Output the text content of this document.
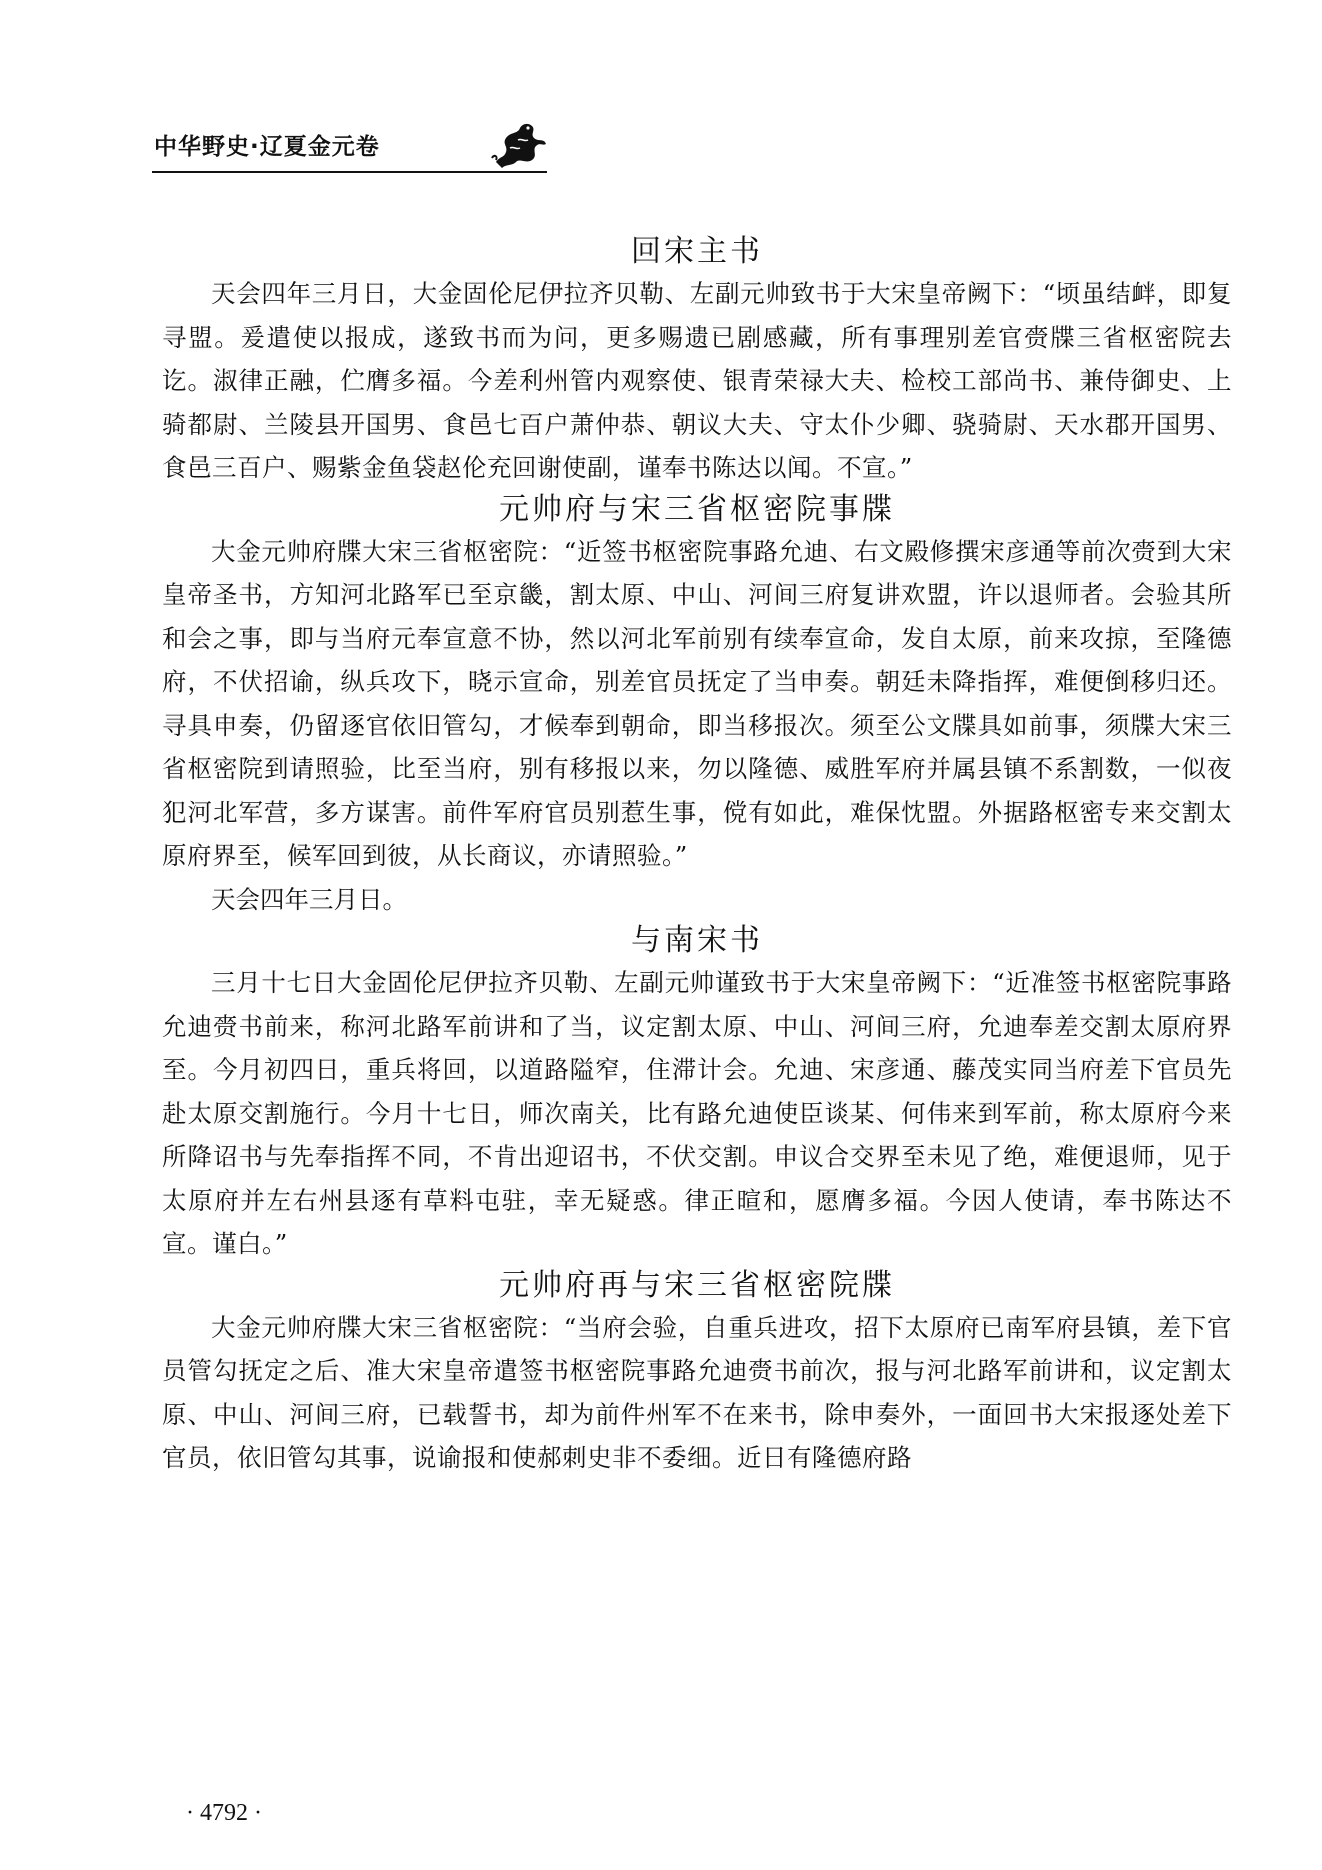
中华野史·辽夏金元卷
回宋主书

天会四年三月日，大金固伦尼伊拉齐贝勒、左副元帅致书于大宋皇帝阙下：“顷虽结衅，即复寻盟。爰遣使以报成，遂致书而为问，更多赐遗已剧感藏，所有事理别差官赍牒三省枢密院去讫。淑律正融，伫膺多福。今差利州管内观察使、银青荣禄大夫、检校工部尚书、兼侍御史、上骑都尉、兰陵县开国男、食邑七百户萧仲恭、朝议大夫、守太仆少卿、骁骑尉、天水郡开国男、食邑三百户、赐紫金鱼袋赵伦充回谢使副，谨奉书陈达以闻。不宣。”

元帅府与宋三省枢密院事牒

大金元帅府牒大宋三省枢密院：“近签书枢密院事路允迪、右文殿修撰宋彦通等前次赍到大宋皇帝圣书，方知河北路军已至京畿，割太原、中山、河间三府复讲欢盟，许以退师者。会验其所和会之事，即与当府元奉宣意不协，然以河北军前别有续奉宣命，发自太原，前来攻掠，至隆德府，不伏招谕，纵兵攻下，晓示宣命，别差官员抚定了当申奏。朝廷未降指挥，难便倒移归还。寻具申奏，仍留逐官依旧管勾，才候奉到朝命，即当移报次。须至公文牒具如前事，须牒大宋三省枢密院到请照验，比至当府，别有移报以来，勿以隆德、威胜军府并属县镇不系割数，一似夜犯河北军营，多方谋害。前件军府官员别惹生事，傥有如此，难保忱盟。外据路枢密专来交割太原府界至，候军回到彼，从长商议，亦请照验。”

天会四年三月日。

与南宋书

三月十七日大金固伦尼伊拉齐贝勒、左副元帅谨致书于大宋皇帝阙下：“近准签书枢密院事路允迪赍书前来，称河北路军前讲和了当，议定割太原、中山、河间三府，允迪奉差交割太原府界至。今月初四日，重兵将回，以道路隘窄，住滞计会。允迪、宋彦通、藤茂实同当府差下官员先赴太原交割施行。今月十七日，师次南关，比有路允迪使臣谈某、何伟来到军前，称太原府今来所降诏书与先奉指挥不同，不肯出迎诏书，不伏交割。申议合交界至未见了绝，难便退师，见于太原府并左右州县逐有草料屯驻，幸无疑惑。律正暄和，愿膺多福。今因人使请，奉书陈达不宣。谨白。”

元帅府再与宋三省枢密院牒

大金元帅府牒大宋三省枢密院：“当府会验，自重兵进攻，招下太原府已南军府县镇，差下官员管勾抚定之后、准大宋皇帝遣签书枢密院事路允迪赍书前次，报与河北路军前讲和，议定割太原、中山、河间三府，已载誓书，却为前件州军不在来书，除申奏外，一面回书大宋报逐处差下官员，依旧管勾其事，说谕报和使郝刺史非不委细。近日有隆德府路

· 4792 ·
